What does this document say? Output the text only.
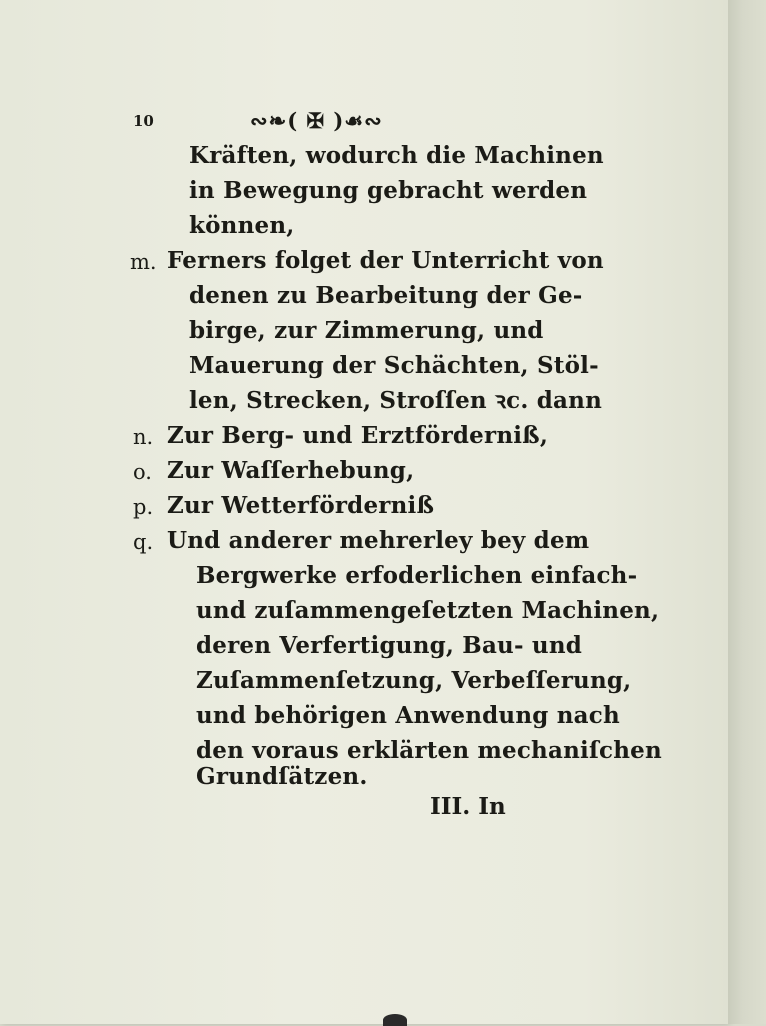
10	∾❧( ✠ )☙∾
Kräften, wodurch die Machinen
in Bewegung gebracht werden
können,
m. Ferners folget der Unterricht von
denen zu Bearbeitung der Ge-
birge, zur Zimmerung, und
Mauerung der Schächten, Stöl-
len, Strecken, Stroſſen ꝛc. dann
n. Zur Berg- und Erztförderniß,
o. Zur Waſſerhebung,
p. Zur Wetterförderniß
q. Und anderer mehrerley bey dem
Bergwerke erfoderlichen einfach-
und zuſammengeſetzten Machinen,
deren Verfertigung, Bau- und
Zuſammenſetzung, Verbeſſerung,
und behörigen Anwendung nach
den voraus erklärten mechaniſchen
Grundſätzen.
III. In
